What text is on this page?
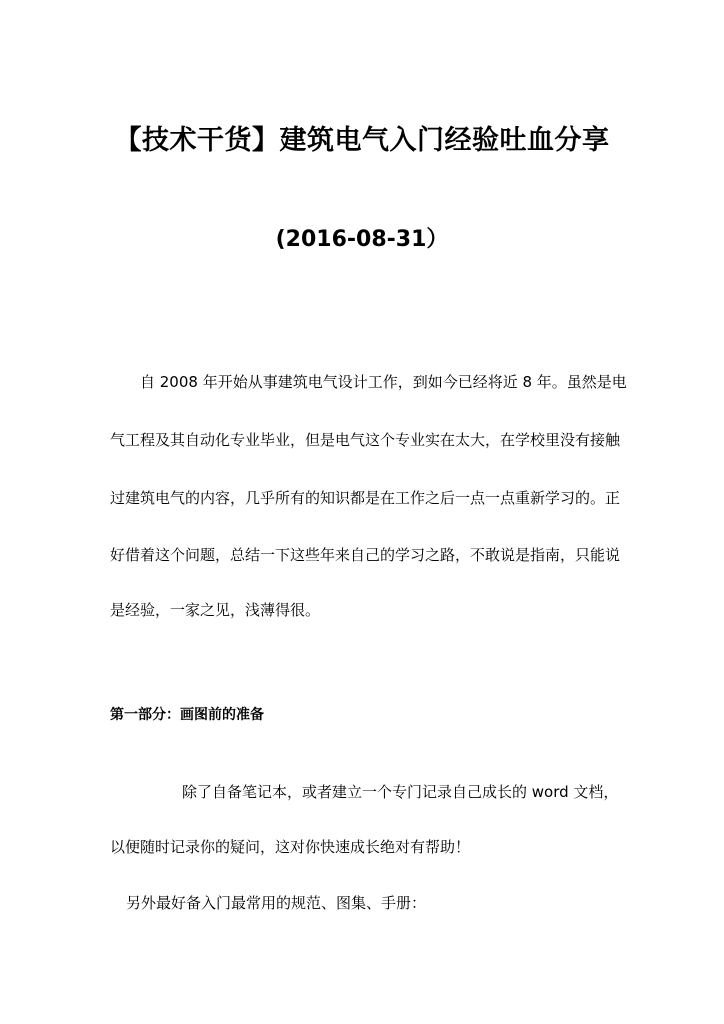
【技术干货】建筑电气入门经验吐血分享
(2016-08-31）
自 2008 年开始从事建筑电气设计工作，到如今已经将近 8 年。虽然是电
气工程及其自动化专业毕业，但是电气这个专业实在太大，在学校里没有接触
过建筑电气的内容，几乎所有的知识都是在工作之后一点一点重新学习的。正
好借着这个问题，总结一下这些年来自己的学习之路，不敢说是指南，只能说
是经验，一家之见，浅薄得很。
第一部分：画图前的准备
除了自备笔记本，或者建立一个专门记录自己成长的 word 文档，
以便随时记录你的疑问，这对你快速成长绝对有帮助！
另外最好备入门最常用的规范、图集、手册：
